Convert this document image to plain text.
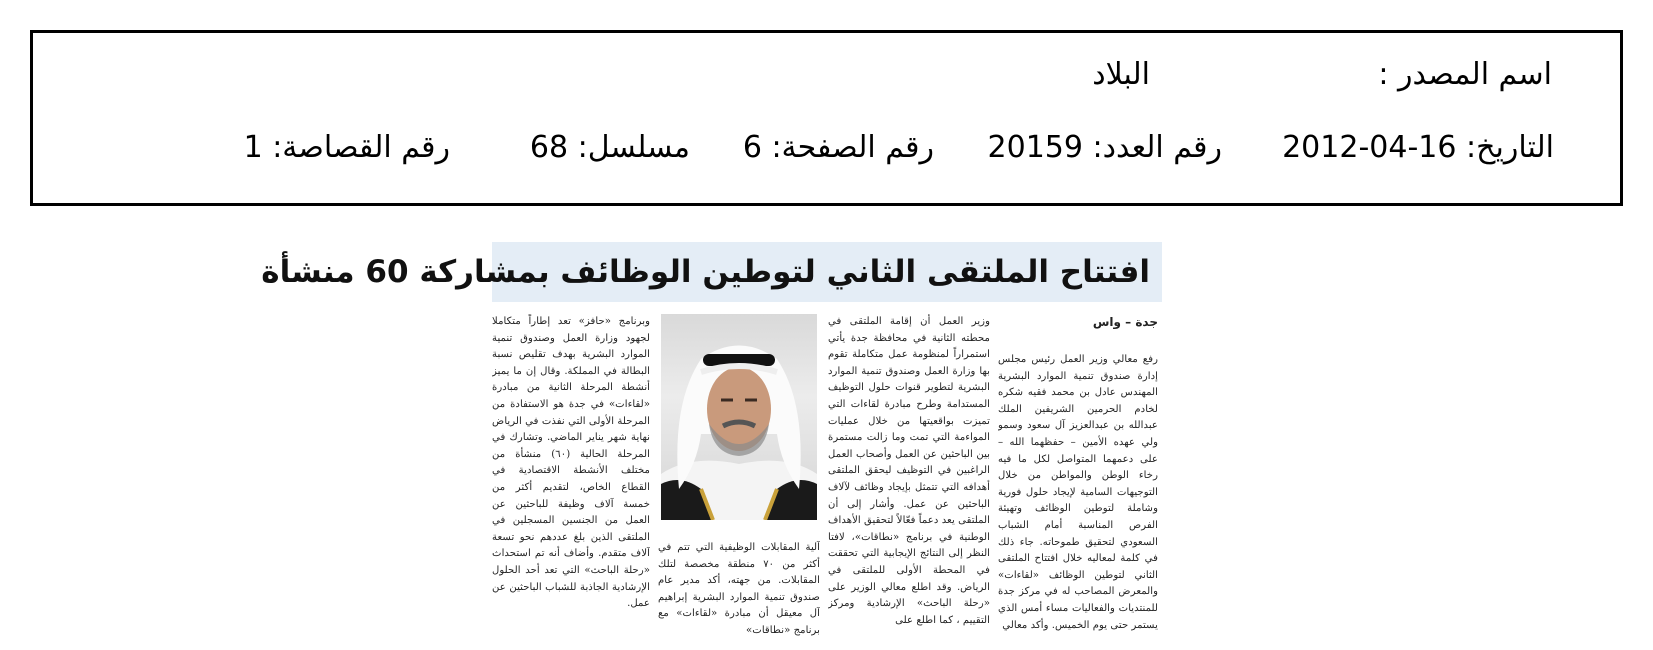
اسم المصدر :
البلاد
التاريخ: 16-04-2012
رقم العدد: 20159
رقم الصفحة: 6
مسلسل: 68
رقم القصاصة: 1
افتتاح الملتقى الثاني لتوطين الوظائف بمشاركة 60 منشأة

جدة – واس

رفع معالي وزير العمل رئيس مجلس إدارة صندوق تنمية الموارد البشرية المهندس عادل بن محمد فقيه شكره لخادم الحرمين الشريفين الملك عبدالله بن عبدالعزيز آل سعود وسمو ولي عهده الأمين – حفظهما الله – على دعمهما المتواصل لكل ما فيه رخاء الوطن والمواطن من خلال التوجيهات السامية لإيجاد حلول فورية وشاملة لتوطين الوظائف وتهيئة الفرص المناسبة أمام الشباب السعودي لتحقيق طموحاته. جاء ذلك في كلمة لمعاليه خلال افتتاح الملتقى الثاني لتوطين الوظائف «لقاءات» والمعرض المصاحب له في مركز جدة للمنتديات والفعاليات مساء أمس الذي يستمر حتى يوم الخميس. وأكد معالي

وزير العمل أن إقامة الملتقى في محطته الثانية في محافظة جدة يأتي استمراراً لمنظومة عمل متكاملة تقوم بها وزارة العمل وصندوق تنمية الموارد البشرية لتطوير قنوات حلول التوظيف المستدامة وطرح مبادرة لقاءات التي تميزت بواقعيتها من خلال عمليات المواءمة التي تمت وما زالت مستمرة بين الباحثين عن العمل وأصحاب العمل الراغبين في التوظيف ليحقق الملتقى أهدافه التي تتمثل بإيجاد وظائف لآلاف الباحثين عن عمل. وأشار إلى أن الملتقى يعد دعماً فعّالاً لتحقيق الأهداف الوطنية في برنامج «نطاقات»، لافتا النظر إلى النتائج الإيجابية التي تحققت في المحطة الأولى للملتقى في الرياض. وقد اطلع معالي الوزير على «رحلة الباحث» الإرشادية ومركز التقييم ، كما اطلع على

آلية المقابلات الوظيفية التي تتم في أكثر من ٧٠ منطقة مخصصة لتلك المقابلات. من جهته، أكد مدير عام صندوق تنمية الموارد البشرية إبراهيم آل معيقل أن مبادرة «لقاءات» مع برنامج «نطاقات»

وبرنامج «حافز» تعد إطاراً متكاملا لجهود وزارة العمل وصندوق تنمية الموارد البشرية بهدف تقليص نسبة البطالة في المملكة. وقال إن ما يميز أنشطة المرحلة الثانية من مبادرة «لقاءات» في جدة هو الاستفادة من المرحلة الأولى التي نفذت في الرياض نهاية شهر يناير الماضي. وتشارك في المرحلة الحالية (٦٠) منشأة من مختلف الأنشطة الاقتصادية في القطاع الخاص، لتقديم أكثر من خمسة آلاف وظيفة للباحثين عن العمل من الجنسين المسجلين في الملتقى الذين بلغ عددهم نحو تسعة آلاف متقدم. وأضاف أنه تم استحداث «رحلة الباحث» التي تعد أحد الحلول الإرشادية الجاذبة للشباب الباحثين عن عمل.
